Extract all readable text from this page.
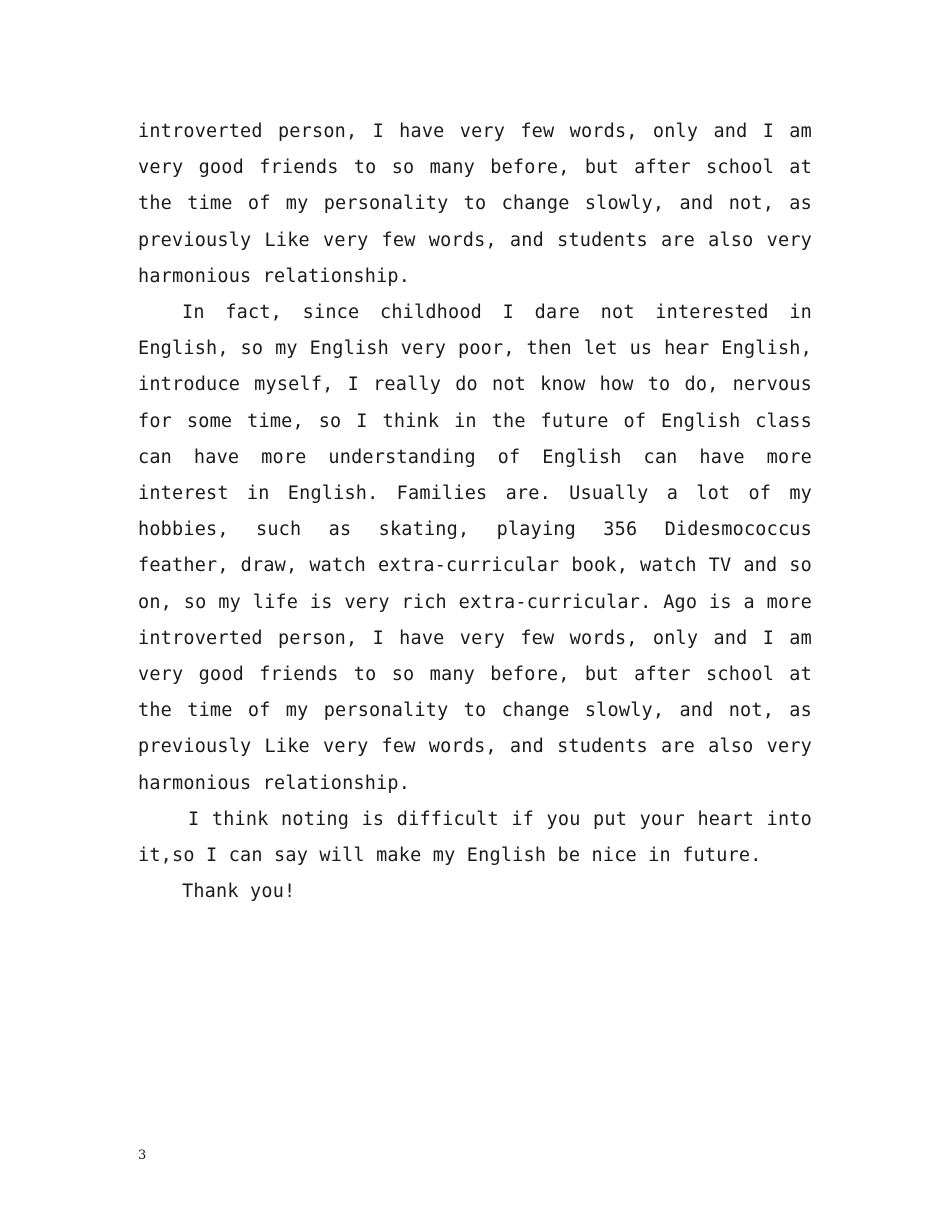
introverted person, I have very few words, only and I am very good friends to so many before, but after school at the time of my personality to change slowly, and not, as previously Like very few words, and students are also very harmonious relationship.

In fact, since childhood I dare not interested in English, so my English very poor, then let us hear English, introduce myself, I really do not know how to do, nervous for some time, so I think in the future of English class can have more understanding of English can have more interest in English. Families are. Usually a lot of my hobbies, such as skating, playing 356 Didesmococcus feather, draw, watch extra-curricular book, watch TV and so on, so my life is very rich extra-curricular. Ago is a more introverted person, I have very few words, only and I am very good friends to so many before, but after school at the time of my personality to change slowly, and not, as previously Like very few words, and students are also very harmonious relationship.

I think noting is difficult if you put your heart into it,so I can say will make my English be nice in future.

Thank you!

3
